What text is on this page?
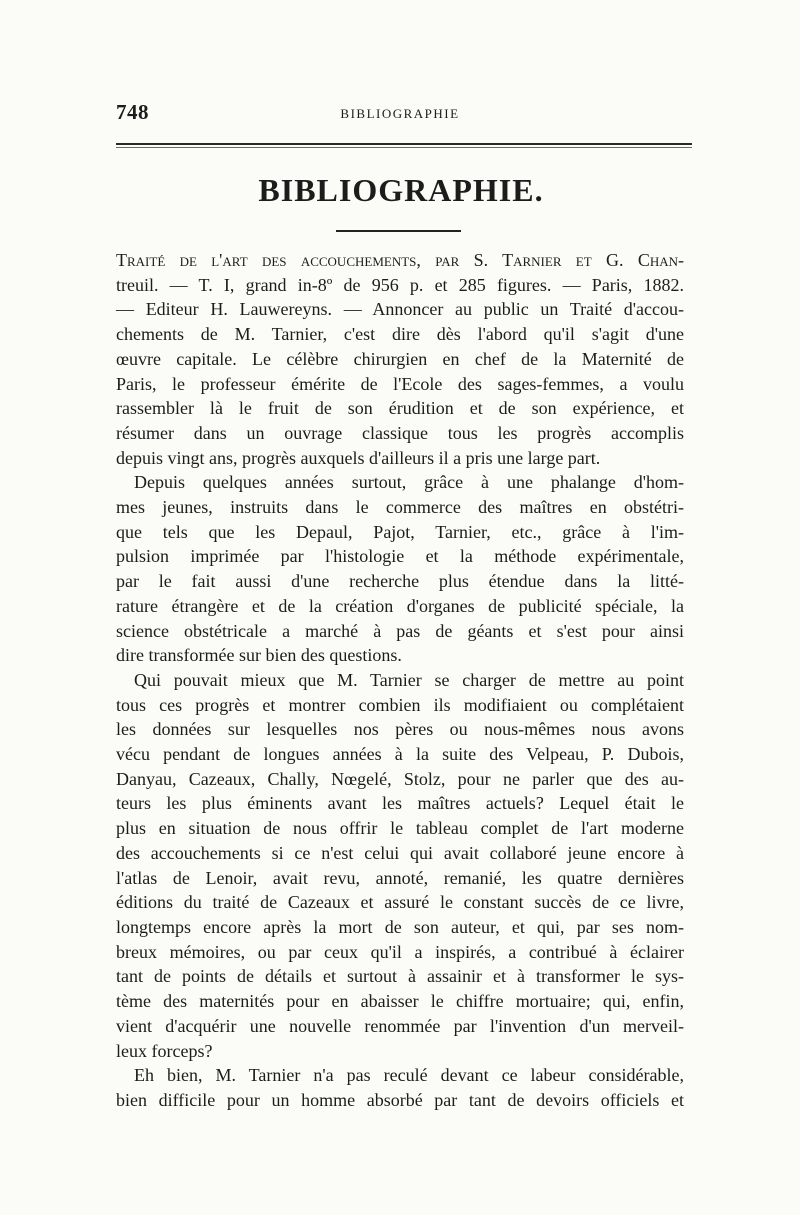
748	BIBLIOGRAPHIE
BIBLIOGRAPHIE.

Traité de l'art des accouchements, par S. Tarnier et G. Chan-
treuil. — T. I, grand in-8º de 956 p. et 285 figures. — Paris, 1882.
— Editeur H. Lauwereyns. — Annoncer au public un Traité d'accou-
chements de M. Tarnier, c'est dire dès l'abord qu'il s'agit d'une
œuvre capitale. Le célèbre chirurgien en chef de la Maternité de
Paris, le professeur émérite de l'Ecole des sages-femmes, a voulu
rassembler là le fruit de son érudition et de son expérience, et
résumer dans un ouvrage classique tous les progrès accomplis
depuis vingt ans, progrès auxquels d'ailleurs il a pris une large part.

Depuis quelques années surtout, grâce à une phalange d'hom-
mes jeunes, instruits dans le commerce des maîtres en obstétri-
que tels que les Depaul, Pajot, Tarnier, etc., grâce à l'im-
pulsion imprimée par l'histologie et la méthode expérimentale,
par le fait aussi d'une recherche plus étendue dans la litté-
rature étrangère et de la création d'organes de publicité spéciale, la
science obstétricale a marché à pas de géants et s'est pour ainsi
dire transformée sur bien des questions.

Qui pouvait mieux que M. Tarnier se charger de mettre au point
tous ces progrès et montrer combien ils modifiaient ou complétaient
les données sur lesquelles nos pères ou nous-mêmes nous avons
vécu pendant de longues années à la suite des Velpeau, P. Dubois,
Danyau, Cazeaux, Chally, Nœgelé, Stolz, pour ne parler que des au-
teurs les plus éminents avant les maîtres actuels? Lequel était le
plus en situation de nous offrir le tableau complet de l'art moderne
des accouchements si ce n'est celui qui avait collaboré jeune encore à
l'atlas de Lenoir, avait revu, annoté, remanié, les quatre dernières
éditions du traité de Cazeaux et assuré le constant succès de ce livre,
longtemps encore après la mort de son auteur, et qui, par ses nom-
breux mémoires, ou par ceux qu'il a inspirés, a contribué à éclairer
tant de points de détails et surtout à assainir et à transformer le sys-
tème des maternités pour en abaisser le chiffre mortuaire; qui, enfin,
vient d'acquérir une nouvelle renommée par l'invention d'un merveil-
leux forceps?

Eh bien, M. Tarnier n'a pas reculé devant ce labeur considérable,
bien difficile pour un homme absorbé par tant de devoirs officiels et
